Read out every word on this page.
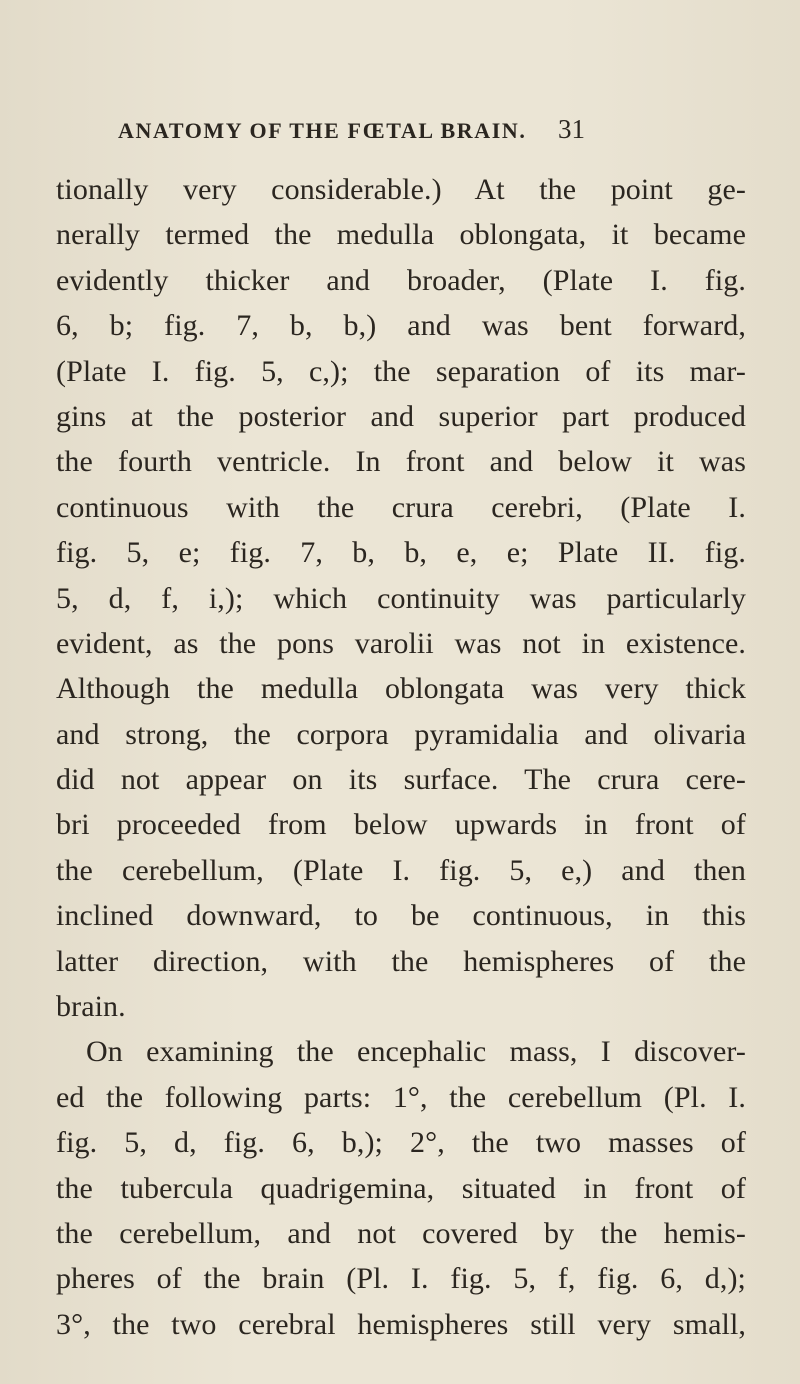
ANATOMY OF THE FŒTAL BRAIN. 31
tionally very considerable.) At the point ge-
nerally termed the medulla oblongata, it became
evidently thicker and broader, (Plate I. fig.
6, b; fig. 7, b, b,) and was bent forward,
(Plate I. fig. 5, c,); the separation of its mar-
gins at the posterior and superior part produced
the fourth ventricle. In front and below it was
continuous with the crura cerebri, (Plate I.
fig. 5, e; fig. 7, b, b, e, e; Plate II. fig.
5, d, f, i,); which continuity was particularly
evident, as the pons varolii was not in existence.
Although the medulla oblongata was very thick
and strong, the corpora pyramidalia and olivaria
did not appear on its surface. The crura cere-
bri proceeded from below upwards in front of
the cerebellum, (Plate I. fig. 5, e,) and then
inclined downward, to be continuous, in this
latter direction, with the hemispheres of the
brain.
On examining the encephalic mass, I discover-
ed the following parts: 1°, the cerebellum (Pl. I.
fig. 5, d, fig. 6, b,); 2°, the two masses of
the tubercula quadrigemina, situated in front of
the cerebellum, and not covered by the hemis-
pheres of the brain (Pl. I. fig. 5, f, fig. 6, d,);
3°, the two cerebral hemispheres still very small,
